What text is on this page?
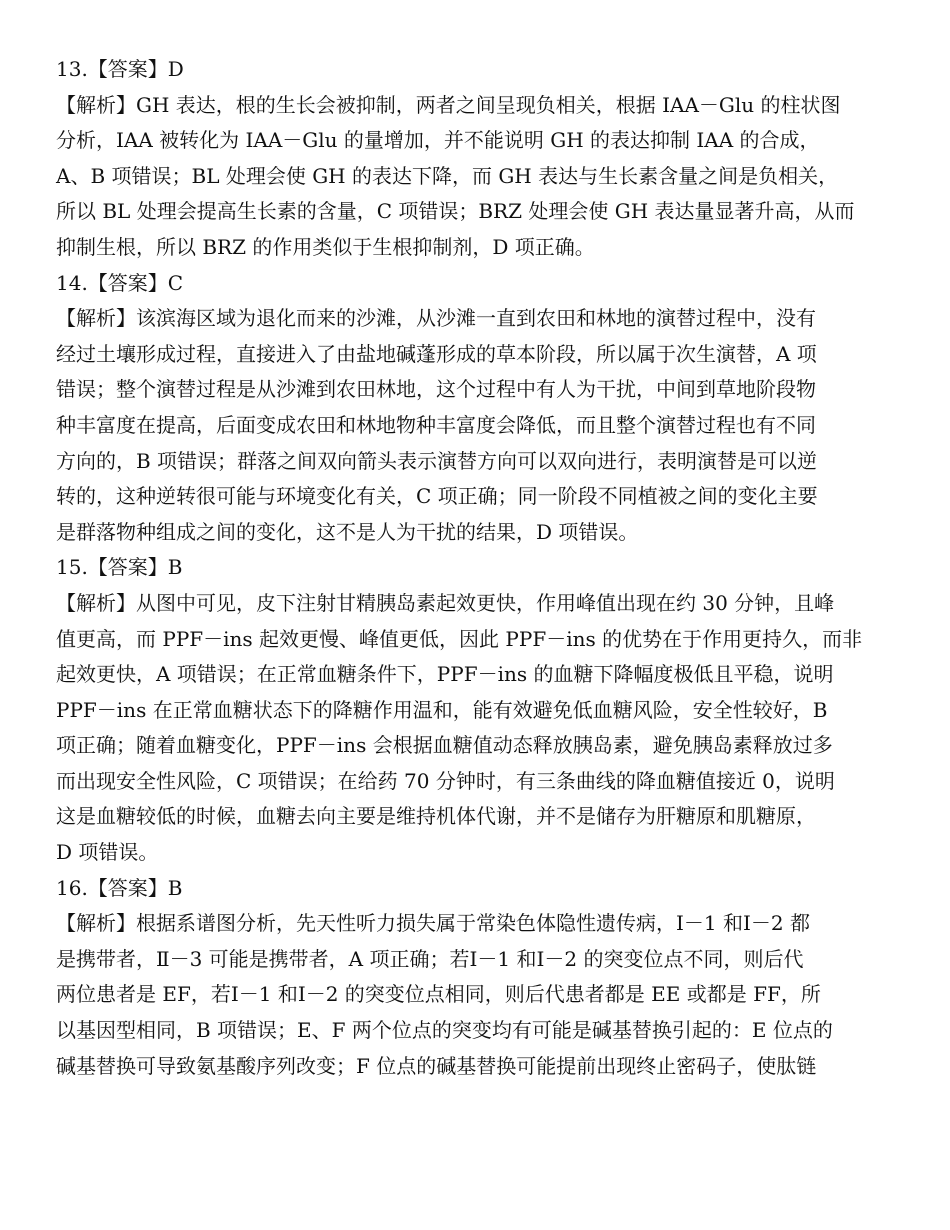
13.【答案】D
【解析】GH 表达，根的生长会被抑制，两者之间呈现负相关，根据 IAA－Glu 的柱状图
分析，IAA 被转化为 IAA－Glu 的量增加，并不能说明 GH 的表达抑制 IAA 的合成，
A、B 项错误；BL 处理会使 GH 的表达下降，而 GH 表达与生长素含量之间是负相关，
所以 BL 处理会提高生长素的含量，C 项错误；BRZ 处理会使 GH 表达量显著升高，从而
抑制生根，所以 BRZ 的作用类似于生根抑制剂，D 项正确。
14.【答案】C
【解析】该滨海区域为退化而来的沙滩，从沙滩一直到农田和林地的演替过程中，没有
经过土壤形成过程，直接进入了由盐地碱蓬形成的草本阶段，所以属于次生演替，A 项
错误；整个演替过程是从沙滩到农田林地，这个过程中有人为干扰，中间到草地阶段物
种丰富度在提高，后面变成农田和林地物种丰富度会降低，而且整个演替过程也有不同
方向的，B 项错误；群落之间双向箭头表示演替方向可以双向进行，表明演替是可以逆
转的，这种逆转很可能与环境变化有关，C 项正确；同一阶段不同植被之间的变化主要
是群落物种组成之间的变化，这不是人为干扰的结果，D 项错误。
15.【答案】B
【解析】从图中可见，皮下注射甘精胰岛素起效更快，作用峰值出现在约 30 分钟，且峰
值更高，而 PPF－ins 起效更慢、峰值更低，因此 PPF－ins 的优势在于作用更持久，而非
起效更快，A 项错误；在正常血糖条件下，PPF－ins 的血糖下降幅度极低且平稳，说明
PPF－ins 在正常血糖状态下的降糖作用温和，能有效避免低血糖风险，安全性较好，B
项正确；随着血糖变化，PPF－ins 会根据血糖值动态释放胰岛素，避免胰岛素释放过多
而出现安全性风险，C 项错误；在给药 70 分钟时，有三条曲线的降血糖值接近 0，说明
这是血糖较低的时候，血糖去向主要是维持机体代谢，并不是储存为肝糖原和肌糖原，
D 项错误。
16.【答案】B
【解析】根据系谱图分析，先天性听力损失属于常染色体隐性遗传病，Ⅰ－1 和Ⅰ－2 都
是携带者，Ⅱ－3 可能是携带者，A 项正确；若Ⅰ－1 和Ⅰ－2 的突变位点不同，则后代
两位患者是 EF，若Ⅰ－1 和Ⅰ－2 的突变位点相同，则后代患者都是 EE 或都是 FF，所
以基因型相同，B 项错误；E、F 两个位点的突变均有可能是碱基替换引起的：E 位点的
碱基替换可导致氨基酸序列改变；F 位点的碱基替换可能提前出现终止密码子，使肽链
